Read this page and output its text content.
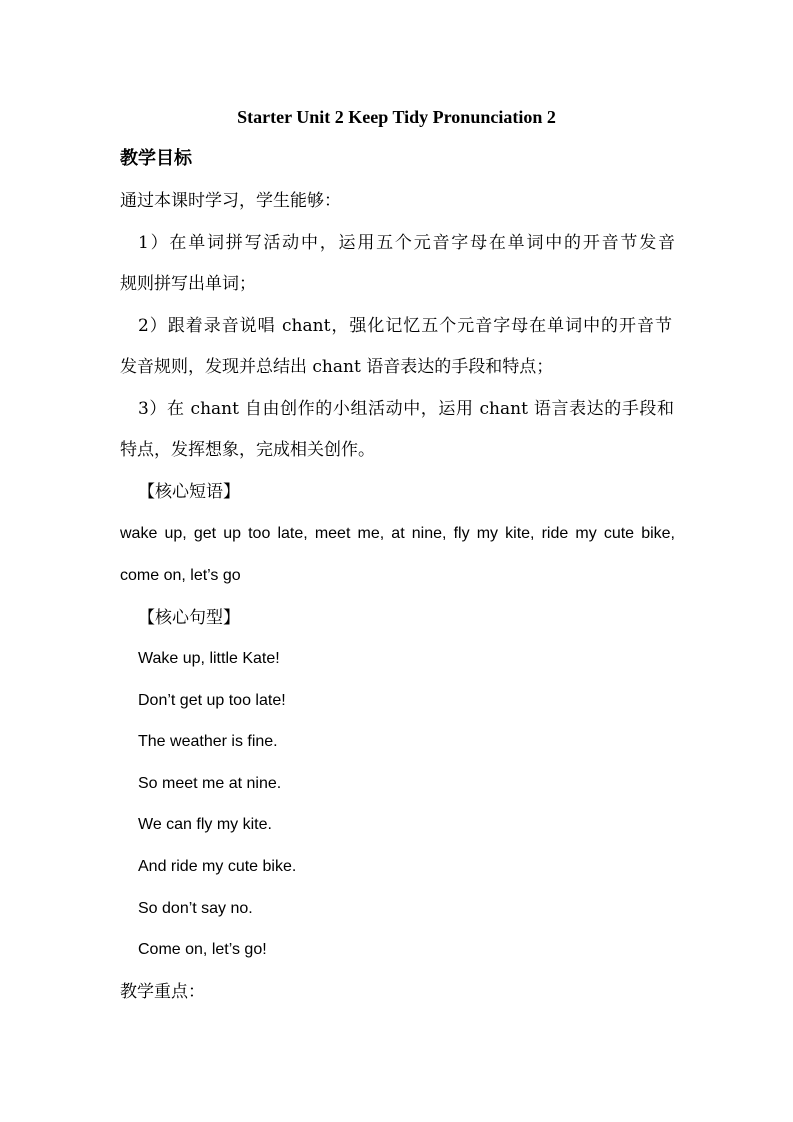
Starter Unit 2 Keep Tidy Pronunciation 2
教学目标
通过本课时学习，学生能够：
1）在单词拼写活动中，运用五个元音字母在单词中的开音节发音
规则拼写出单词；
2）跟着录音说唱 chant，强化记忆五个元音字母在单词中的开音节
发音规则，发现并总结出 chant 语音表达的手段和特点；
3）在 chant 自由创作的小组活动中，运用 chant 语言表达的手段和
特点，发挥想象，完成相关创作。
【核心短语】
wake up, get up too late, meet me, at nine, fly my kite, ride my cute bike,
come on, let’s go
【核心句型】
Wake up, little Kate!
Don’t get up too late!
The weather is fine.
So meet me at nine.
We can fly my kite.
And ride my cute bike.
So don’t say no.
Come on, let’s go!
教学重点：
